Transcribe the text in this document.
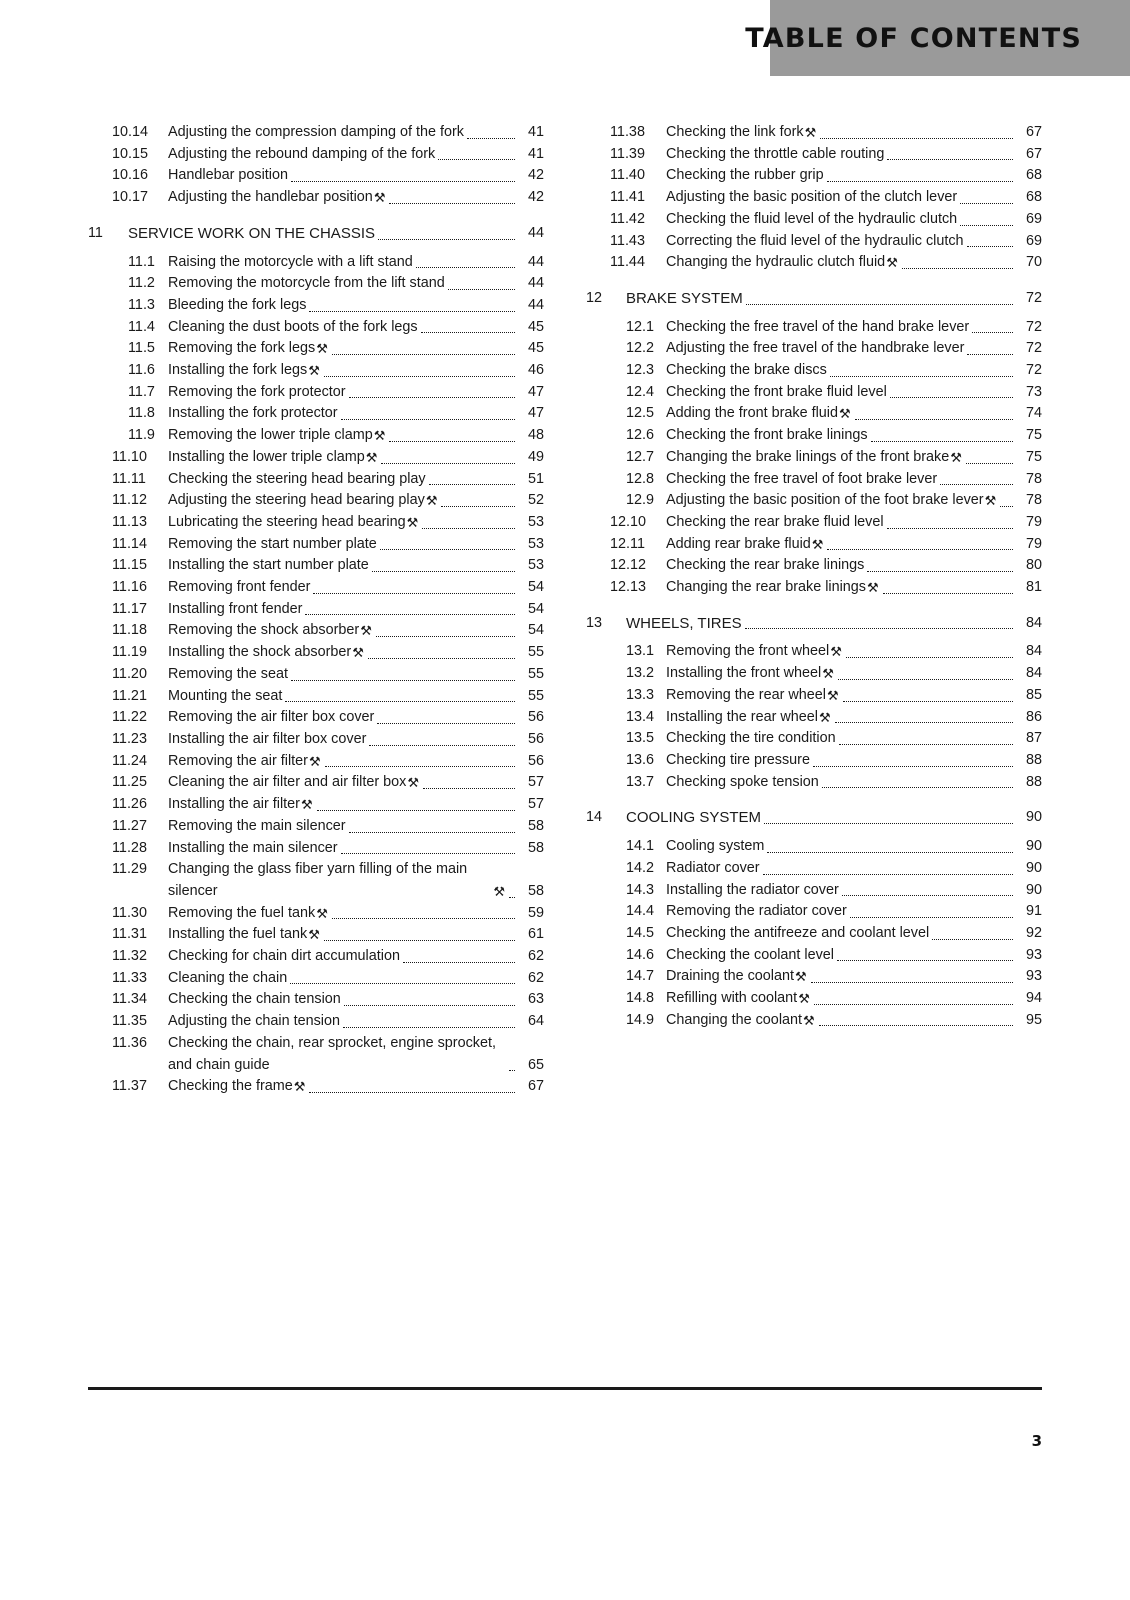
TABLE OF CONTENTS
10.14	Adjusting the compression damping of the fork	41
10.15	Adjusting the rebound damping of the fork	41
10.16	Handlebar position	42
10.17	Adjusting the handlebar position ⚒	42
11	SERVICE WORK ON THE CHASSIS	44
11.1 Raising the motorcycle with a lift stand	44
11.2 Removing the motorcycle from the lift stand	44
11.3 Bleeding the fork legs	44
11.4 Cleaning the dust boots of the fork legs	45
11.5 Removing the fork legs ⚒	45
11.6 Installing the fork legs ⚒	46
11.7 Removing the fork protector	47
11.8 Installing the fork protector	47
11.9 Removing the lower triple clamp ⚒	48
11.10	Installing the lower triple clamp ⚒	49
11.11	Checking the steering head bearing play	51
11.12	Adjusting the steering head bearing play ⚒	52
11.13	Lubricating the steering head bearing ⚒	53
11.14	Removing the start number plate	53
11.15	Installing the start number plate	53
11.16	Removing front fender	54
11.17	Installing front fender	54
11.18	Removing the shock absorber ⚒	54
11.19	Installing the shock absorber ⚒	55
11.20	Removing the seat	55
11.21	Mounting the seat	55
11.22	Removing the air filter box cover	56
11.23	Installing the air filter box cover	56
11.24	Removing the air filter ⚒	56
11.25	Cleaning the air filter and air filter box ⚒	57
11.26	Installing the air filter ⚒	57
11.27	Removing the main silencer	58
11.28	Installing the main silencer	58
11.29	Changing the glass fiber yarn filling of the main silencer	⚒	58
11.30	Removing the fuel tank ⚒	59
11.31	Installing the fuel tank ⚒	61
11.32	Checking for chain dirt accumulation	62
11.33	Cleaning the chain	62
11.34	Checking the chain tension	63
11.35	Adjusting the chain tension	64
11.36	Checking the chain, rear sprocket, engine sprocket, and chain guide	65
11.37	Checking the frame ⚒	67
11.38	Checking the link fork ⚒	67
11.39	Checking the throttle cable routing	67
11.40	Checking the rubber grip	68
11.41	Adjusting the basic position of the clutch lever	68
11.42	Checking the fluid level of the hydraulic clutch	69
11.43	Correcting the fluid level of the hydraulic clutch	69
11.44	Changing the hydraulic clutch fluid ⚒	70
12	BRAKE SYSTEM	72
12.1 Checking the free travel of the hand brake lever	72
12.2 Adjusting the free travel of the handbrake lever	72
12.3 Checking the brake discs	72
12.4 Checking the front brake fluid level	73
12.5 Adding the front brake fluid ⚒	74
12.6 Checking the front brake linings	75
12.7 Changing the brake linings of the front brake ⚒	75
12.8 Checking the free travel of foot brake lever	78
12.9 Adjusting the basic position of the foot brake lever ⚒	78
12.10	Checking the rear brake fluid level	79
12.11	Adding rear brake fluid ⚒	79
12.12	Checking the rear brake linings	80
12.13	Changing the rear brake linings ⚒	81
13	WHEELS, TIRES	84
13.1 Removing the front wheel ⚒	84
13.2 Installing the front wheel ⚒	84
13.3 Removing the rear wheel ⚒	85
13.4 Installing the rear wheel ⚒	86
13.5 Checking the tire condition	87
13.6 Checking tire pressure	88
13.7 Checking spoke tension	88
14	COOLING SYSTEM	90
14.1 Cooling system	90
14.2 Radiator cover	90
14.3 Installing the radiator cover	90
14.4 Removing the radiator cover	91
14.5 Checking the antifreeze and coolant level	92
14.6 Checking the coolant level	93
14.7 Draining the coolant ⚒	93
14.8 Refilling with coolant ⚒	94
14.9 Changing the coolant ⚒	95
3
